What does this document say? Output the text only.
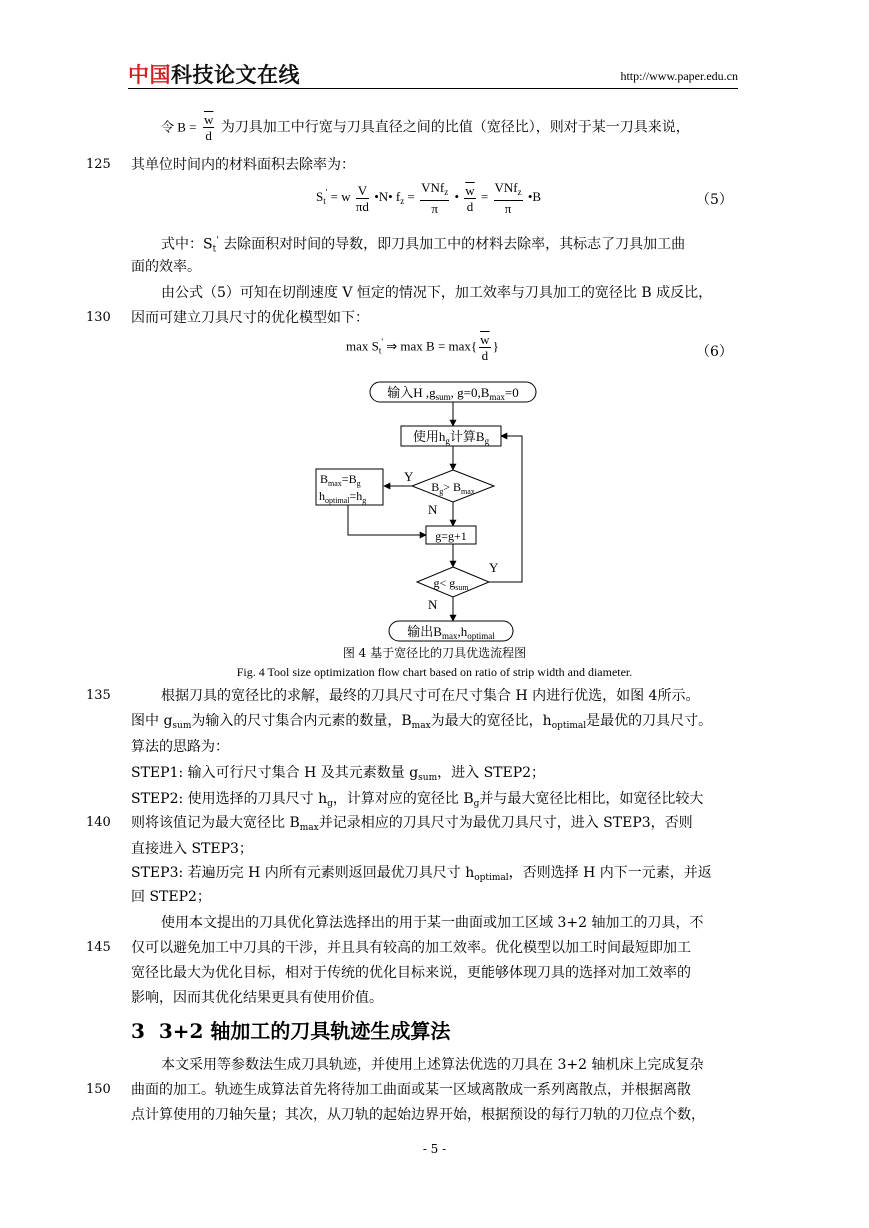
中国科技论文在线	http://www.paper.edu.cn
令 $B = \frac{\overline{w}}{d}$ 为刀具加工中行宽与刀具直径之间的比值（宽径比），则对于某一刀具来说，
125 其单位时间内的材料面积去除率为：
$S_t' = w \frac{V}{\pi d}$ •N• $f_z = \frac{VNf_z}{\pi}$ • $\frac{\overline{w}}{d} = \frac{VNf_z}{\pi}$ •B	（5）
式中：$S_t'$ 去除面积对时间的导数，即刀具加工中的材料去除率，其标志了刀具加工曲
面的效率。
由公式（5）可知在切削速度 V 恒定的情况下，加工效率与刀具加工的宽径比 B 成反比，
130 因而可建立刀具尺寸的优化模型如下：
$\max S_t'$ ⇒ $\max B = \max\{ \frac{\overline{w}}{d}$ }	（6）
输入H $,g_{sum}$, $g=0,B_{max}=0$
使用$h_g$计算$B_g$
$B_g> B_{max}$
Y
$B_{max}=B_g$
$h_{optimal}=h_g$
N
g=g+1
$g< g_{sum}$
Y
N
输出$B_{max},h_{optimal}$
图 4 基于宽径比的刀具优选流程图
Fig. 4 Tool size optimization flow chart based on ratio of strip width and diameter.
135	根据刀具的宽径比的求解，最终的刀具尺寸可在尺寸集合 H 内进行优选，如图 4所示。
图中 $g_{sum}$为输入的尺寸集合内元素的数量，$B_{max}$为最大的宽径比，$h_{optimal}$是最优的刀具尺寸。
算法的思路为：
STEP1: 输入可行尺寸集合 H 及其元素数量 $g_{sum}$，进入 STEP2；
STEP2: 使用选择的刀具尺寸 $h_g$，计算对应的宽径比 $B_g$并与最大宽径比相比，如宽径比较大
140 则将该值记为最大宽径比 $B_{max}$并记录相应的刀具尺寸为最优刀具尺寸，进入 STEP3，否则
直接进入 STEP3；
STEP3: 若遍历完 H 内所有元素则返回最优刀具尺寸 $h_{optimal}$，否则选择 H 内下一元素，并返
回 STEP2；
使用本文提出的刀具优化算法选择出的用于某一曲面或加工区域 3+2 轴加工的刀具，不
145 仅可以避免加工中刀具的干涉，并且具有较高的加工效率。优化模型以加工时间最短即加工
宽径比最大为优化目标，相对于传统的优化目标来说，更能够体现刀具的选择对加工效率的
影响，因而其优化结果更具有使用价值。
3 3+2 轴加工的刀具轨迹生成算法
本文采用等参数法生成刀具轨迹，并使用上述算法优选的刀具在 3+2 轴机床上完成复杂
150 曲面的加工。轨迹生成算法首先将待加工曲面或某一区域离散成一系列离散点，并根据离散
点计算使用的刀轴矢量；其次，从刀轨的起始边界开始，根据预设的每行刀轨的刀位点个数，
- 5 -
